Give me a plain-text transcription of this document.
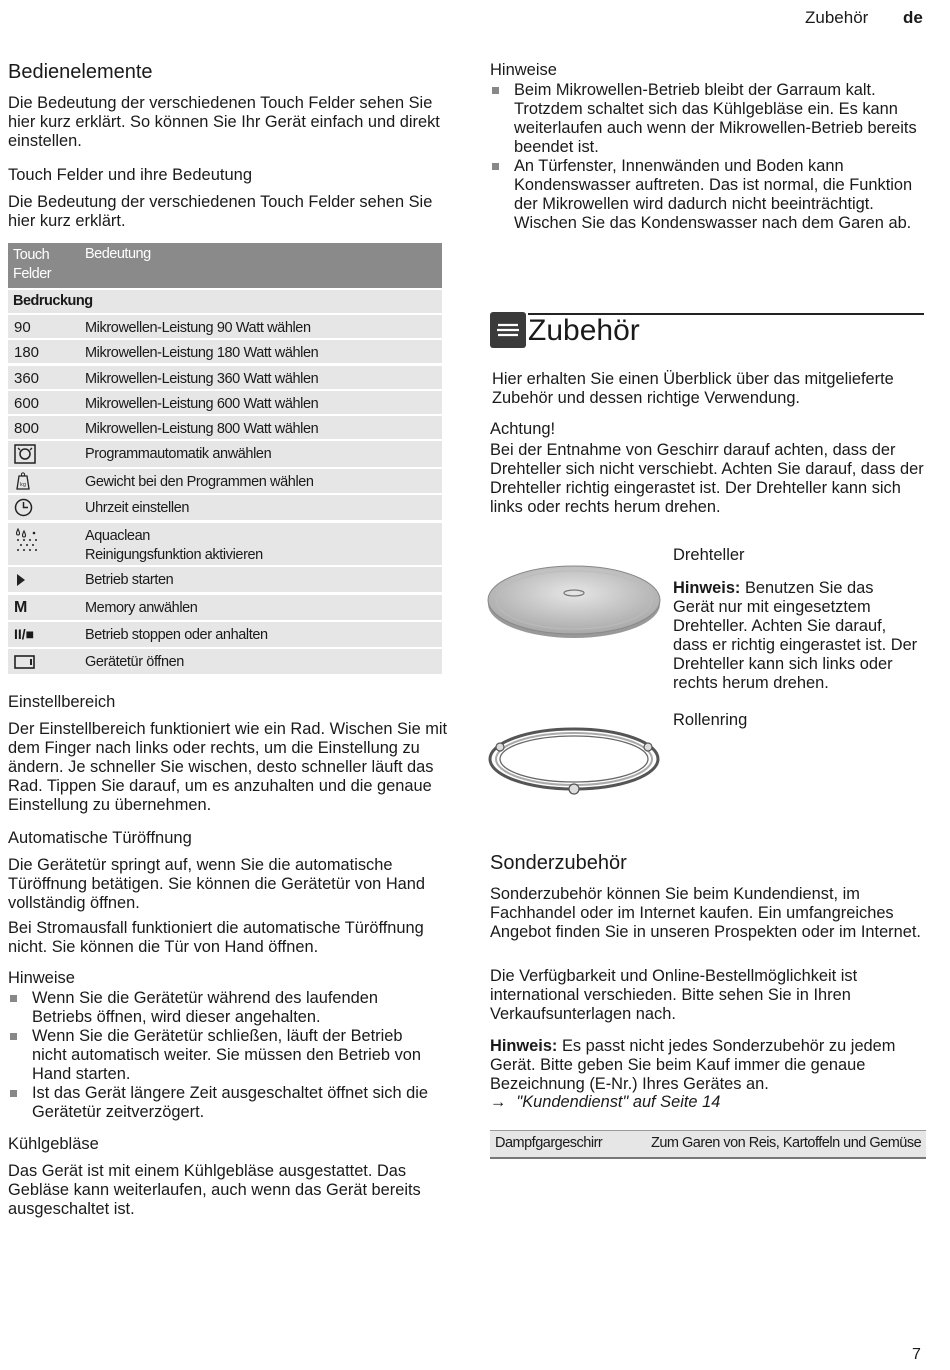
Zubehör de
Bedienelemente

Die Bedeutung der verschiedenen Touch Felder sehen Sie hier kurz erklärt. So können Sie Ihr Gerät einfach und direkt einstellen.

Touch Felder und ihre Bedeutung

Die Bedeutung der verschiedenen Touch Felder sehen Sie hier kurz erklärt.

Touch Felder
Bedeutung
Bedruckung
90	Mikrowellen-Leistung 90 Watt wählen
180	Mikrowellen-Leistung 180 Watt wählen
360	Mikrowellen-Leistung 360 Watt wählen
600	Mikrowellen-Leistung 600 Watt wählen
800	Mikrowellen-Leistung 800 Watt wählen
Programmautomatik anwählen
kg	Gewicht bei den Programmen wählen
Uhrzeit einstellen
Aquaclean
Reinigungsfunktion aktivieren
Betrieb starten
M	Memory anwählen
II/■	Betrieb stoppen oder anhalten
Gerätetür öffnen
Einstellbereich

Der Einstellbereich funktioniert wie ein Rad. Wischen Sie mit dem Finger nach links oder rechts, um die Einstellung zu ändern. Je schneller Sie wischen, desto schneller läuft das Rad. Tippen Sie darauf, um es anzuhalten und die genaue Einstellung zu übernehmen.

Automatische Türöffnung

Die Gerätetür springt auf, wenn Sie die automatische Türöffnung betätigen. Sie können die Gerätetür von Hand vollständig öffnen.

Bei Stromausfall funktioniert die automatische Türöffnung nicht. Sie können die Tür von Hand öffnen.

Hinweise
Wenn Sie die Gerätetür während des laufenden Betriebs öffnen, wird dieser angehalten.
Wenn Sie die Gerätetür schließen, läuft der Betrieb nicht automatisch weiter. Sie müssen den Betrieb von Hand starten.
Ist das Gerät längere Zeit ausgeschaltet öffnet sich die Gerätetür zeitverzögert.
Kühlgebläse

Das Gerät ist mit einem Kühlgebläse ausgestattet. Das Gebläse kann weiterlaufen, auch wenn das Gerät bereits ausgeschaltet ist.

Hinweise
Beim Mikrowellen-Betrieb bleibt der Garraum kalt. Trotzdem schaltet sich das Kühlgebläse ein. Es kann weiterlaufen auch wenn der Mikrowellen-Betrieb bereits beendet ist.
An Türfenster, Innenwänden und Boden kann Kondenswasser auftreten. Das ist normal, die Funktion der Mikrowellen wird dadurch nicht beeinträchtigt. Wischen Sie das Kondenswasser nach dem Garen ab.
Zubehör

Hier erhalten Sie einen Überblick über das mitgelieferte Zubehör und dessen richtige Verwendung.

Achtung!

Bei der Entnahme von Geschirr darauf achten, dass der Drehteller sich nicht verschiebt. Achten Sie darauf, dass der Drehteller richtig eingerastet ist. Der Drehteller kann sich links oder rechts herum drehen.

Drehteller

Hinweis: Benutzen Sie das Gerät nur mit eingesetztem Drehteller. Achten Sie darauf, dass er richtig eingerastet ist. Der Drehteller kann sich links oder rechts herum drehen.

Rollenring
Sonderzubehör

Sonderzubehör können Sie beim Kundendienst, im Fachhandel oder im Internet kaufen. Ein umfangreiches Angebot finden Sie in unseren Prospekten oder im Internet.

Die Verfügbarkeit und Online-Bestellmöglichkeit ist international verschieden. Bitte sehen Sie in Ihren Verkaufsunterlagen nach.

Hinweis: Es passt nicht jedes Sonderzubehör zu jedem Gerät. Bitte geben Sie beim Kauf immer die genaue Bezeichnung (E-Nr.) Ihres Gerätes an.

→ "Kundendienst" auf Seite 14
Dampfgargeschirr	Zum Garen von Reis, Kartoffeln und Gemüse
7
